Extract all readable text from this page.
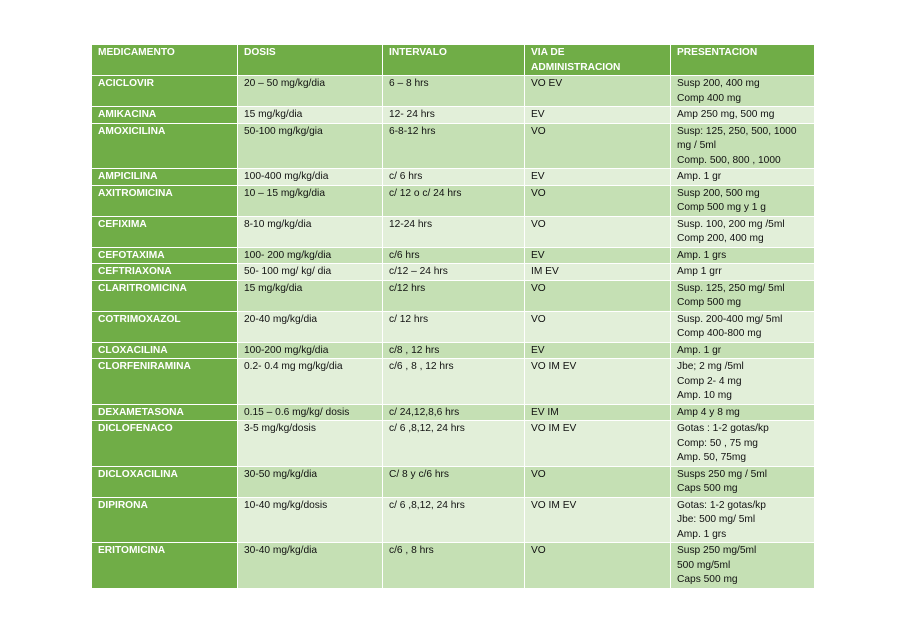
MEDICAMENTO	DOSIS	INTERVALO	VIA DE
ADMINISTRACION	PRESENTACION
ACICLOVIR	20 – 50 mg/kg/dia	6 – 8 hrs	VO EV	Susp 200, 400 mg
Comp 400 mg
AMIKACINA	15 mg/kg/dia	12- 24 hrs	EV	Amp 250 mg, 500 mg
AMOXICILINA	50-100 mg/kg/gia	6-8-12 hrs	VO	Susp: 125, 250, 500, 1000
mg / 5ml
Comp. 500, 800 , 1000
AMPICILINA	100-400 mg/kg/dia	c/ 6 hrs	EV	Amp. 1 gr
AXITROMICINA	10 – 15 mg/kg/dia	c/ 12 o c/ 24 hrs	VO	Susp 200, 500 mg
Comp 500 mg y 1 g
CEFIXIMA	8-10 mg/kg/dia	12-24 hrs	VO	Susp. 100, 200 mg /5ml
Comp 200, 400 mg
CEFOTAXIMA	100- 200 mg/kg/dia	c/6 hrs	EV	Amp. 1 grs
CEFTRIAXONA	50- 100 mg/ kg/ dia	c/12 – 24 hrs	IM EV	Amp 1 grr
CLARITROMICINA	15 mg/kg/dia	c/12 hrs	VO	Susp. 125, 250 mg/ 5ml
Comp 500 mg
COTRIMOXAZOL	20-40 mg/kg/dia	c/ 12 hrs	VO	Susp. 200-400 mg/ 5ml
Comp 400-800 mg
CLOXACILINA	100-200 mg/kg/dia	c/8 , 12 hrs	EV	Amp. 1 gr
CLORFENIRAMINA	0.2- 0.4 mg mg/kg/dia	c/6 , 8 , 12 hrs	VO IM EV	Jbe; 2 mg /5ml
Comp 2- 4 mg
Amp. 10 mg
DEXAMETASONA	0.15 – 0.6 mg/kg/ dosis	c/ 24,12,8,6 hrs	EV IM	Amp 4 y 8 mg
DICLOFENACO	3-5 mg/kg/dosis	c/ 6 ,8,12, 24 hrs	VO IM EV	Gotas : 1-2 gotas/kp
Comp: 50 , 75 mg
Amp. 50, 75mg
DICLOXACILINA	30-50 mg/kg/dia	C/ 8 y c/6 hrs	VO	Susps 250 mg / 5ml
Caps 500 mg
DIPIRONA	10-40 mg/kg/dosis	c/ 6 ,8,12, 24 hrs	VO IM EV	Gotas: 1-2 gotas/kp
Jbe: 500 mg/ 5ml
Amp. 1 grs
ERITOMICINA	30-40 mg/kg/dia	c/6 , 8 hrs	VO	Susp 250 mg/5ml
500 mg/5ml
Caps 500 mg
